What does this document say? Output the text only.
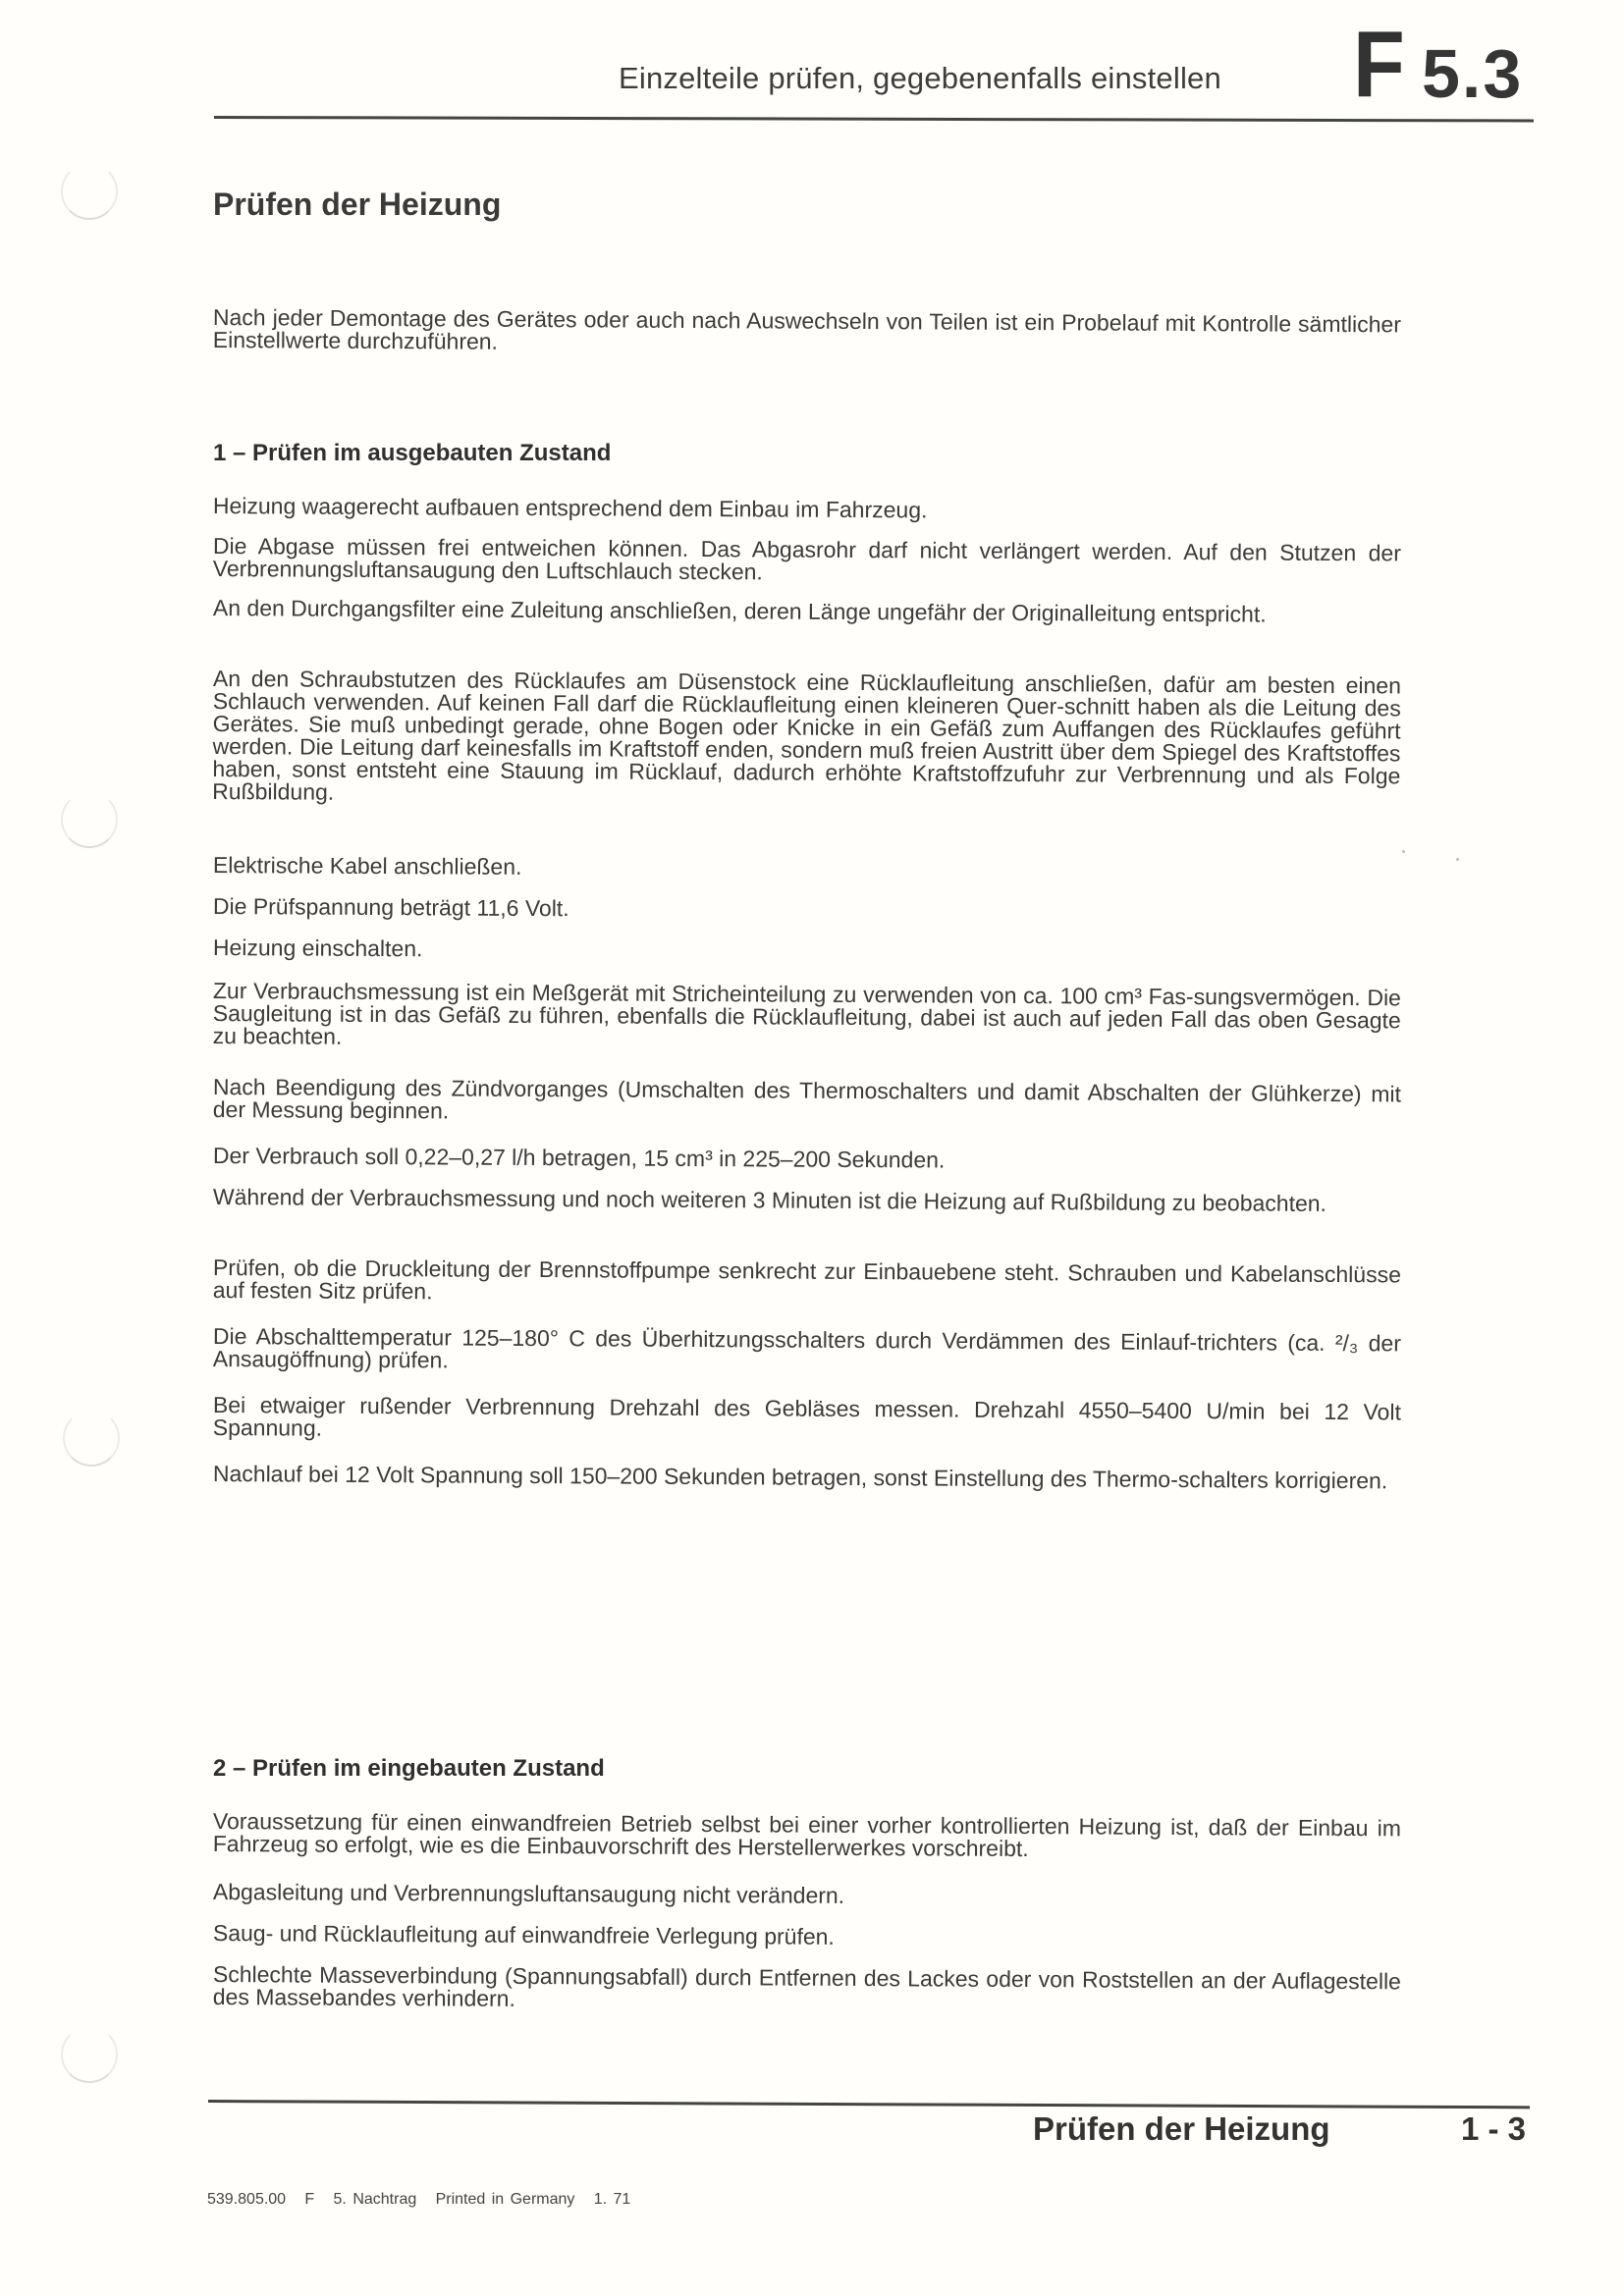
Einzelteile prüfen, gegebenenfalls einstellen F 5.3
Prüfen der Heizung

Nach jeder Demontage des Gerätes oder auch nach Auswechseln von Teilen ist ein Probelauf mit Kontrolle sämtlicher Einstellwerte durchzuführen.

1 – Prüfen im ausgebauten Zustand

Heizung waagerecht aufbauen entsprechend dem Einbau im Fahrzeug.

Die Abgase müssen frei entweichen können. Das Abgasrohr darf nicht verlängert werden. Auf den Stutzen der Verbrennungsluftansaugung den Luftschlauch stecken.

An den Durchgangsfilter eine Zuleitung anschließen, deren Länge ungefähr der Originalleitung entspricht.

An den Schraubstutzen des Rücklaufes am Düsenstock eine Rücklaufleitung anschließen, dafür am besten einen Schlauch verwenden. Auf keinen Fall darf die Rücklaufleitung einen kleineren Quer-schnitt haben als die Leitung des Gerätes. Sie muß unbedingt gerade, ohne Bogen oder Knicke in ein Gefäß zum Auffangen des Rücklaufes geführt werden. Die Leitung darf keinesfalls im Kraftstoff enden, sondern muß freien Austritt über dem Spiegel des Kraftstoffes haben, sonst entsteht eine Stauung im Rücklauf, dadurch erhöhte Kraftstoffzufuhr zur Verbrennung und als Folge Rußbildung.

Elektrische Kabel anschließen.

Die Prüfspannung beträgt 11,6 Volt.

Heizung einschalten.

Zur Verbrauchsmessung ist ein Meßgerät mit Stricheinteilung zu verwenden von ca. 100 cm³ Fas-sungsvermögen. Die Saugleitung ist in das Gefäß zu führen, ebenfalls die Rücklaufleitung, dabei ist auch auf jeden Fall das oben Gesagte zu beachten.

Nach Beendigung des Zündvorganges (Umschalten des Thermoschalters und damit Abschalten der Glühkerze) mit der Messung beginnen.

Der Verbrauch soll 0,22–0,27 l/h betragen, 15 cm³ in 225–200 Sekunden.

Während der Verbrauchsmessung und noch weiteren 3 Minuten ist die Heizung auf Rußbildung zu beobachten.

Prüfen, ob die Druckleitung der Brennstoffpumpe senkrecht zur Einbauebene steht. Schrauben und Kabelanschlüsse auf festen Sitz prüfen.

Die Abschalttemperatur 125–180° C des Überhitzungsschalters durch Verdämmen des Einlauf-trichters (ca. ²/₃ der Ansaugöffnung) prüfen.

Bei etwaiger rußender Verbrennung Drehzahl des Gebläses messen. Drehzahl 4550–5400 U/min bei 12 Volt Spannung.

Nachlauf bei 12 Volt Spannung soll 150–200 Sekunden betragen, sonst Einstellung des Thermo-schalters korrigieren.

2 – Prüfen im eingebauten Zustand

Voraussetzung für einen einwandfreien Betrieb selbst bei einer vorher kontrollierten Heizung ist, daß der Einbau im Fahrzeug so erfolgt, wie es die Einbauvorschrift des Herstellerwerkes vorschreibt.

Abgasleitung und Verbrennungsluftansaugung nicht verändern.

Saug- und Rücklaufleitung auf einwandfreie Verlegung prüfen.

Schlechte Masseverbindung (Spannungsabfall) durch Entfernen des Lackes oder von Roststellen an der Auflagestelle des Massebandes verhindern.

Prüfen der Heizung	1 - 3
539.805.00   F   5. Nachtrag   Printed in Germany   1. 71
